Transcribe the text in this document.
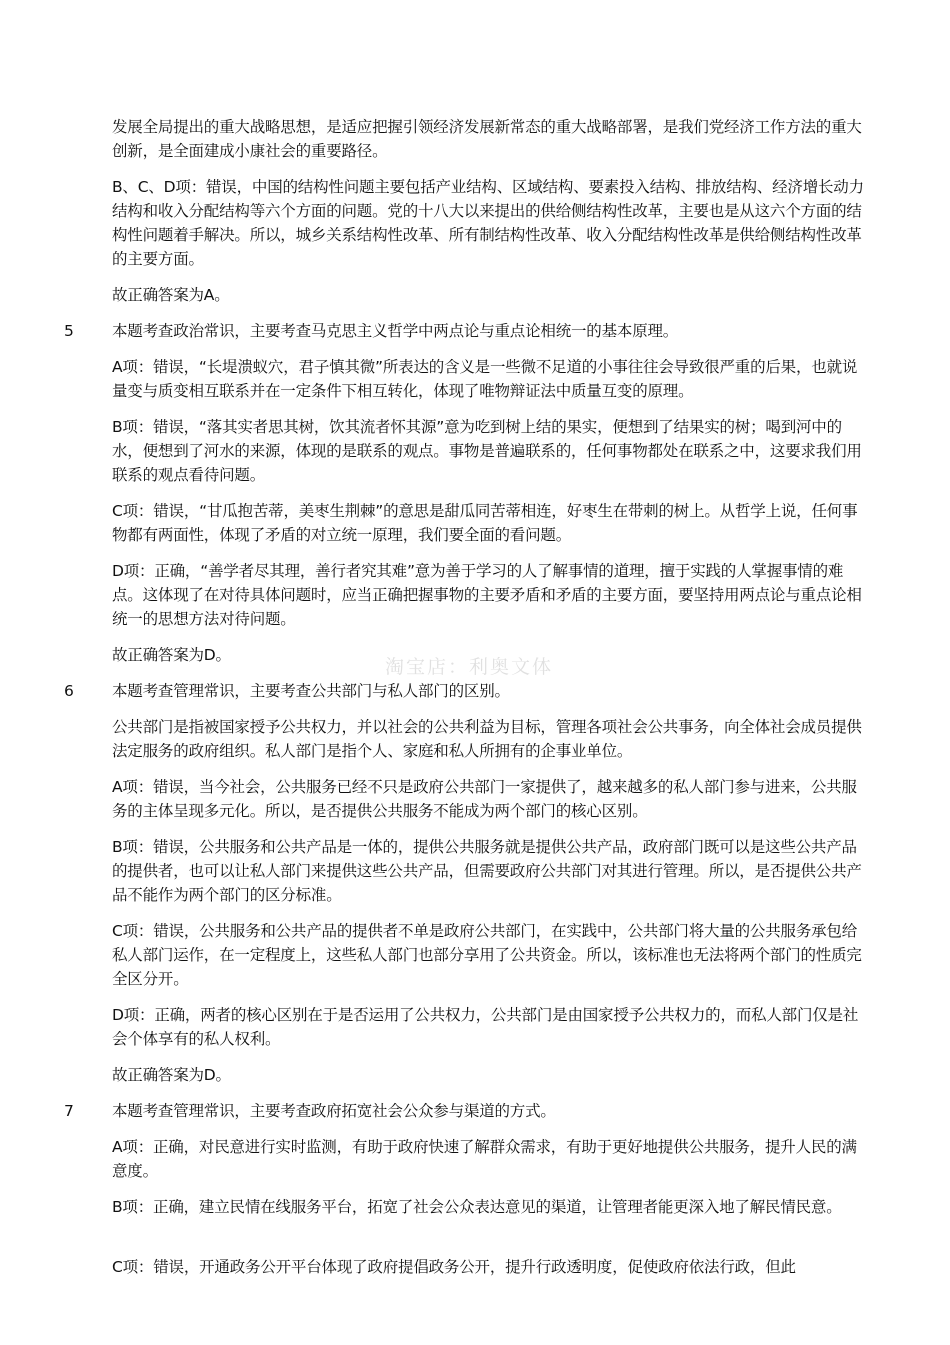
发展全局提出的重大战略思想，是适应把握引领经济发展新常态的重大战略部署，是我们党经济工作方法的重大创新，是全面建成小康社会的重要路径。

B、C、D项：错误，中国的结构性问题主要包括产业结构、区域结构、要素投入结构、排放结构、经济增长动力结构和收入分配结构等六个方面的问题。党的十八大以来提出的供给侧结构性改革，主要也是从这六个方面的结构性问题着手解决。所以，城乡关系结构性改革、所有制结构性改革、收入分配结构性改革是供给侧结构性改革的主要方面。

故正确答案为A。

5 本题考查政治常识，主要考查马克思主义哲学中两点论与重点论相统一的基本原理。

A项：错误，“长堤溃蚁穴，君子慎其微”所表达的含义是一些微不足道的小事往往会导致很严重的后果，也就说量变与质变相互联系并在一定条件下相互转化，体现了唯物辩证法中质量互变的原理。

B项：错误，“落其实者思其树，饮其流者怀其源”意为吃到树上结的果实，便想到了结果实的树；喝到河中的水，便想到了河水的来源，体现的是联系的观点。事物是普遍联系的，任何事物都处在联系之中，这要求我们用联系的观点看待问题。

C项：错误，“甘瓜抱苦蒂，美枣生荆棘”的意思是甜瓜同苦蒂相连，好枣生在带刺的树上。从哲学上说，任何事物都有两面性，体现了矛盾的对立统一原理，我们要全面的看问题。

D项：正确，“善学者尽其理，善行者究其难”意为善于学习的人了解事情的道理，擅于实践的人掌握事情的难点。这体现了在对待具体问题时，应当正确把握事物的主要矛盾和矛盾的主要方面，要坚持用两点论与重点论相统一的思想方法对待问题。

故正确答案为D。

淘宝店：利奥文体
6 本题考查管理常识，主要考查公共部门与私人部门的区别。

公共部门是指被国家授予公共权力，并以社会的公共利益为目标，管理各项社会公共事务，向全体社会成员提供法定服务的政府组织。私人部门是指个人、家庭和私人所拥有的企事业单位。

A项：错误，当今社会，公共服务已经不只是政府公共部门一家提供了，越来越多的私人部门参与进来，公共服务的主体呈现多元化。所以，是否提供公共服务不能成为两个部门的核心区别。

B项：错误，公共服务和公共产品是一体的，提供公共服务就是提供公共产品，政府部门既可以是这些公共产品的提供者，也可以让私人部门来提供这些公共产品，但需要政府公共部门对其进行管理。所以，是否提供公共产品不能作为两个部门的区分标准。

C项：错误，公共服务和公共产品的提供者不单是政府公共部门，在实践中，公共部门将大量的公共服务承包给私人部门运作，在一定程度上，这些私人部门也部分享用了公共资金。所以，该标准也无法将两个部门的性质完全区分开。

D项：正确，两者的核心区别在于是否运用了公共权力，公共部门是由国家授予公共权力的，而私人部门仅是社会个体享有的私人权利。

故正确答案为D。

7 本题考查管理常识，主要考查政府拓宽社会公众参与渠道的方式。

A项：正确，对民意进行实时监测，有助于政府快速了解群众需求，有助于更好地提供公共服务，提升人民的满意度。

B项：正确，建立民情在线服务平台，拓宽了社会公众表达意见的渠道，让管理者能更深入地了解民情民意。

C项：错误，开通政务公开平台体现了政府提倡政务公开，提升行政透明度，促使政府依法行政，但此
